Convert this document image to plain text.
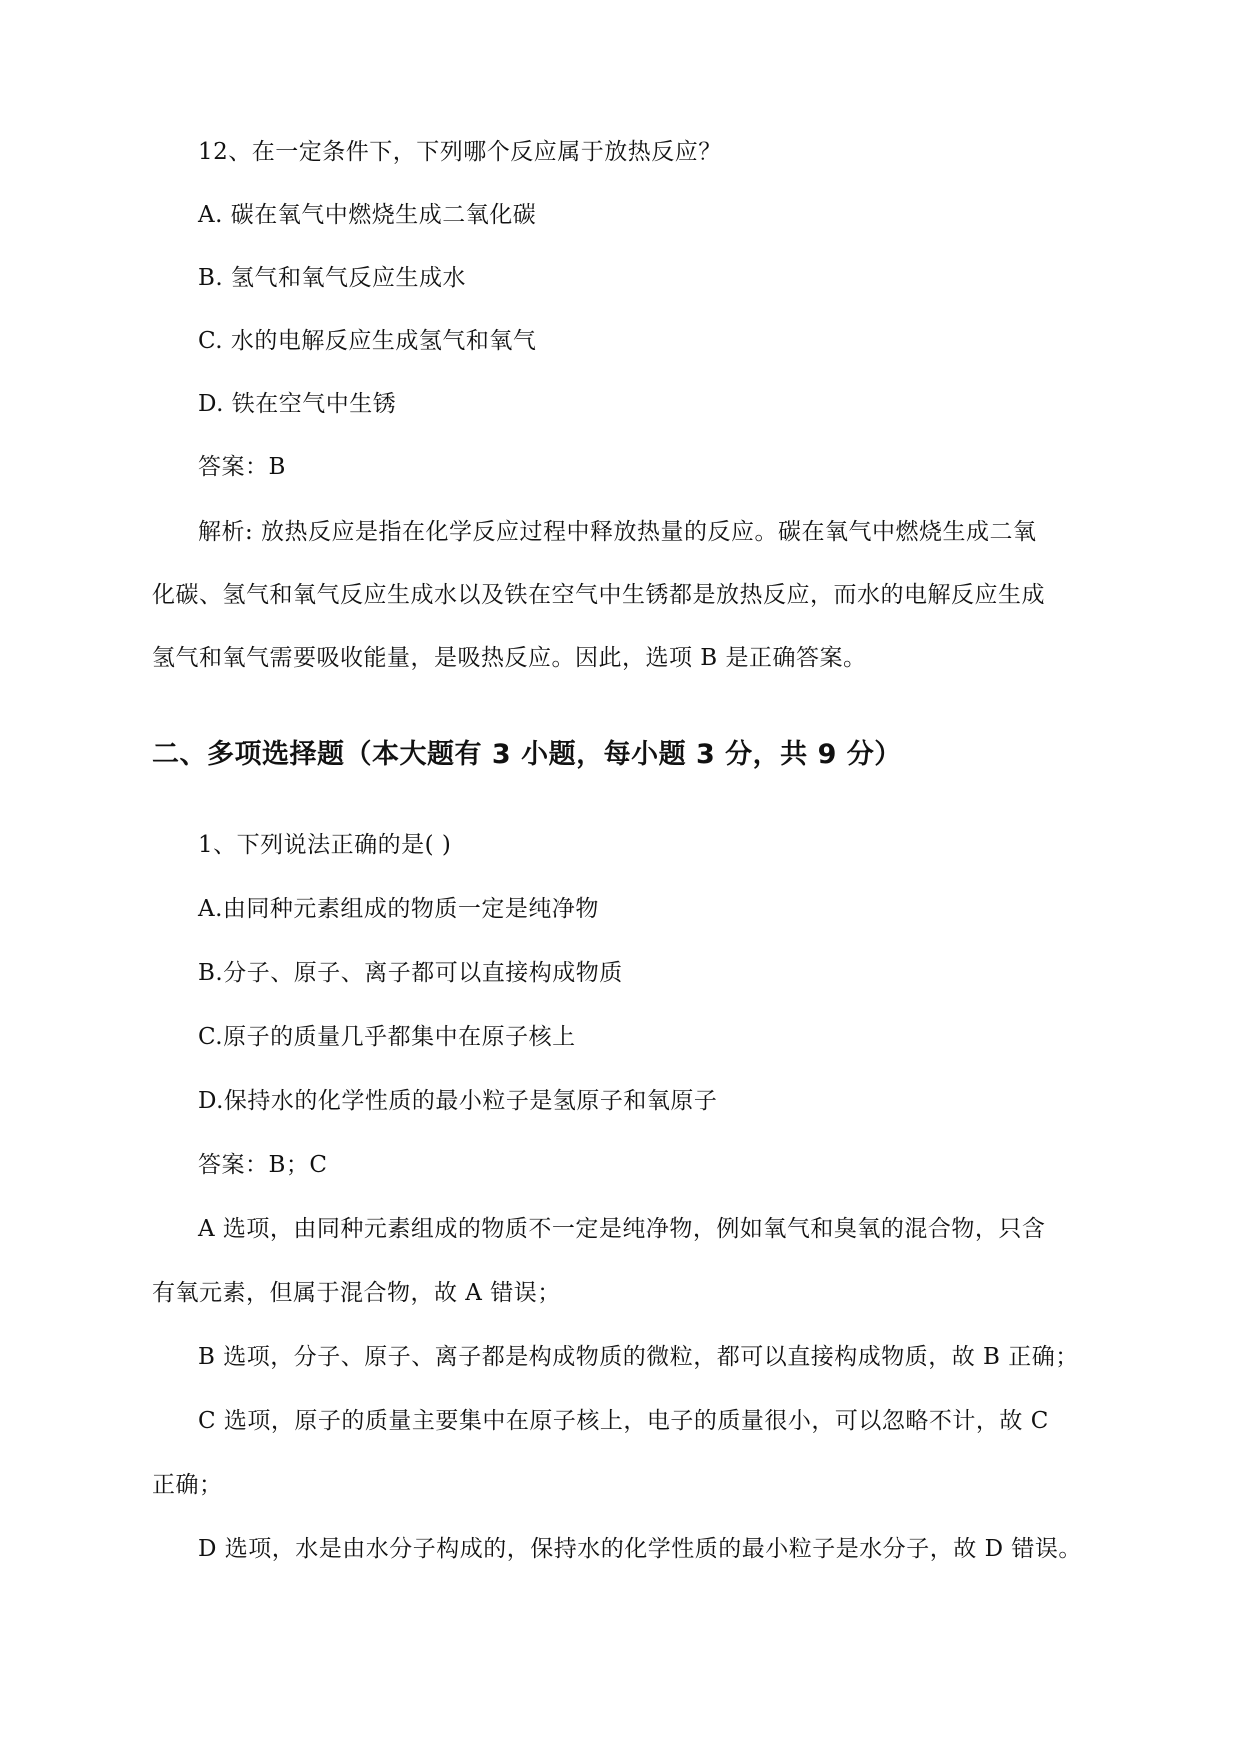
12、在一定条件下，下列哪个反应属于放热反应？
A. 碳在氧气中燃烧生成二氧化碳
B. 氢气和氧气反应生成水
C. 水的电解反应生成氢气和氧气
D. 铁在空气中生锈
答案：B
解析: 放热反应是指在化学反应过程中释放热量的反应。碳在氧气中燃烧生成二氧
化碳、氢气和氧气反应生成水以及铁在空气中生锈都是放热反应，而水的电解反应生成
氢气和氧气需要吸收能量，是吸热反应。因此，选项 B 是正确答案。
二、多项选择题（本大题有 3 小题，每小题 3 分，共 9 分）
1、下列说法正确的是( )
A.由同种元素组成的物质一定是纯净物
B.分子、原子、离子都可以直接构成物质
C.原子的质量几乎都集中在原子核上
D.保持水的化学性质的最小粒子是氢原子和氧原子
答案：B；C
A 选项，由同种元素组成的物质不一定是纯净物，例如氧气和臭氧的混合物，只含
有氧元素，但属于混合物，故 A 错误；
B 选项，分子、原子、离子都是构成物质的微粒，都可以直接构成物质，故 B 正确；
C 选项，原子的质量主要集中在原子核上，电子的质量很小，可以忽略不计，故 C
正确；
D 选项，水是由水分子构成的，保持水的化学性质的最小粒子是水分子，故 D 错误。
